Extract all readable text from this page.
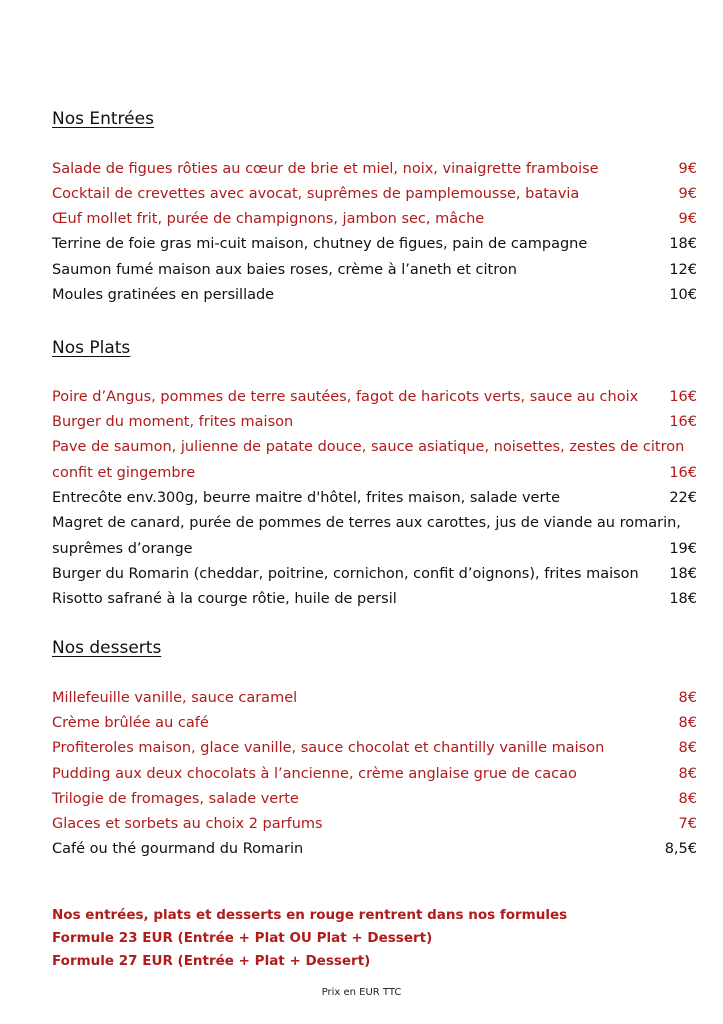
Nos Entrées
Salade de figues rôties au cœur de brie et miel, noix, vinaigrette framboise	9€
Cocktail de crevettes avec avocat, suprêmes de pamplemousse, batavia	9€
Œuf mollet frit, purée de champignons, jambon sec, mâche	9€
Terrine de foie gras mi-cuit maison, chutney de figues, pain de campagne	18€
Saumon fumé maison aux baies roses, crème à l’aneth et citron	12€
Moules gratinées en persillade	10€
Nos Plats
Poire d’Angus, pommes de terre sautées, fagot de haricots verts, sauce au choix 16€
Burger du moment, frites maison	16€
Pave de saumon, julienne de patate douce, sauce asiatique, noisettes, zestes de citron
confit et gingembre	16€
Entrecôte env.300g, beurre maitre d'hôtel, frites maison, salade verte	22€
Magret de canard, purée de pommes de terres aux carottes, jus de viande au romarin,
suprêmes d’orange	19€
Burger du Romarin (cheddar, poitrine, cornichon, confit d’oignons), frites maison 18€
Risotto safrané à la courge rôtie, huile de persil	18€
Nos desserts
Millefeuille vanille, sauce caramel	8€
Crème brûlée au café	8€
Profiteroles maison, glace vanille, sauce chocolat et chantilly vanille maison	8€
Pudding aux deux chocolats à l’ancienne, crème anglaise grue de cacao	8€
Trilogie de fromages, salade verte	8€
Glaces et sorbets au choix 2 parfums	7€
Café ou thé gourmand du Romarin	8,5€
Nos entrées, plats et desserts en rouge rentrent dans nos formules
Formule 23 EUR (Entrée + Plat OU Plat + Dessert)
Formule 27 EUR (Entrée + Plat + Dessert)
Prix en EUR TTC
